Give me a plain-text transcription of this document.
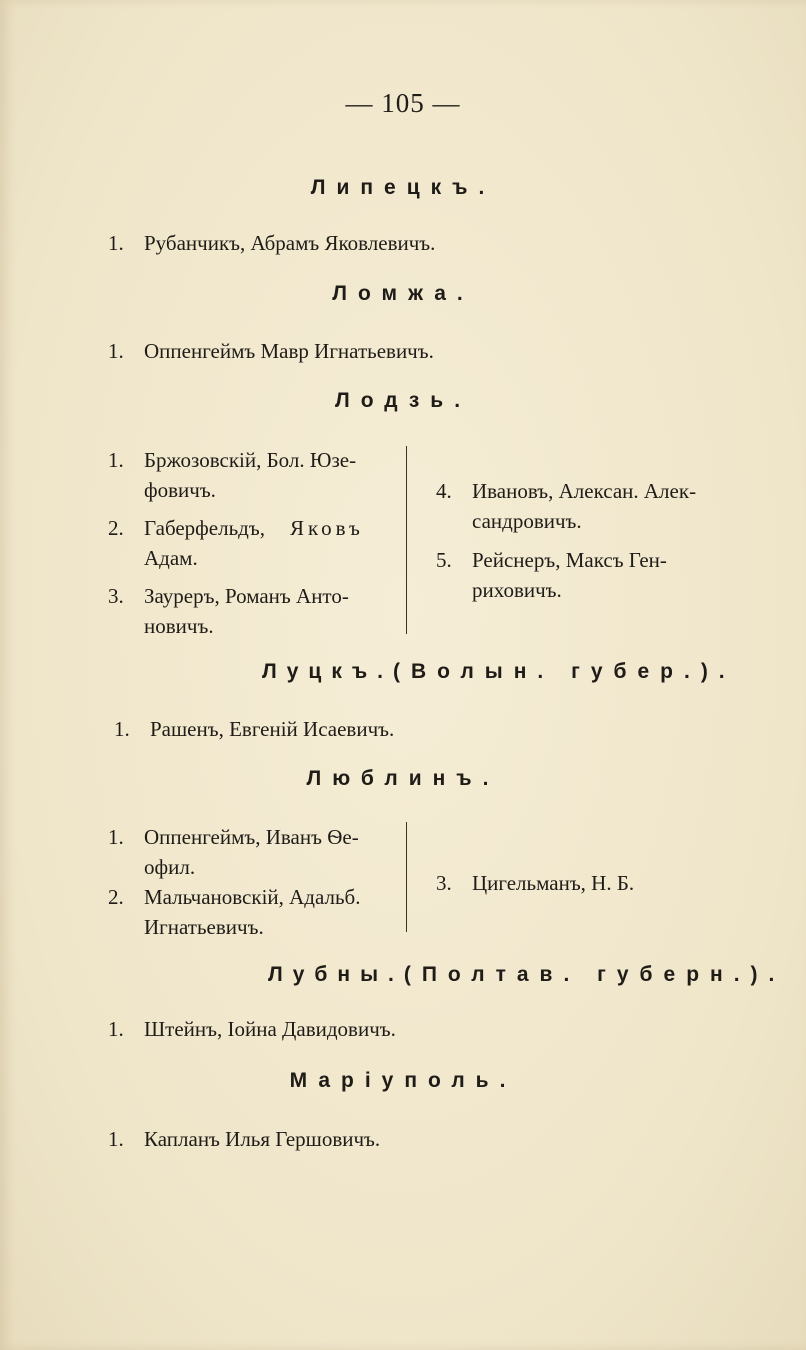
— 105 —
Липецкъ.
1. Рубанчикъ, Абрамъ Яковлевичъ.
Ломжа.
1. Оппенгеймъ Мавр Игнатьевичъ.
Лодзь.
1. Бржозовскій, Бол. Юзе-
фовичъ.
2. Габерфельдъ, Яковъ
Адам.
3. Зауреръ, Романъ Анто-
новичъ.
4. Ивановъ, Алексан. Алек-
сандровичъ.
5. Рейснеръ, Максъ Ген-
риховичъ.
Луцкъ.(Волын. губер.).
1. Рашенъ, Евгеній Исаевичъ.
Люблинъ.
1. Оппенгеймъ, Иванъ Ѳе-
офил.
2. Мальчановскій, Адальб.
Игнатьевичъ.
3. Цигельманъ, Н. Б.
Лубны.(Полтав. губерн.).
1. Штейнъ, Іойна Давидовичъ.
Маріуполь.
1. Капланъ Илья Гершовичъ.
